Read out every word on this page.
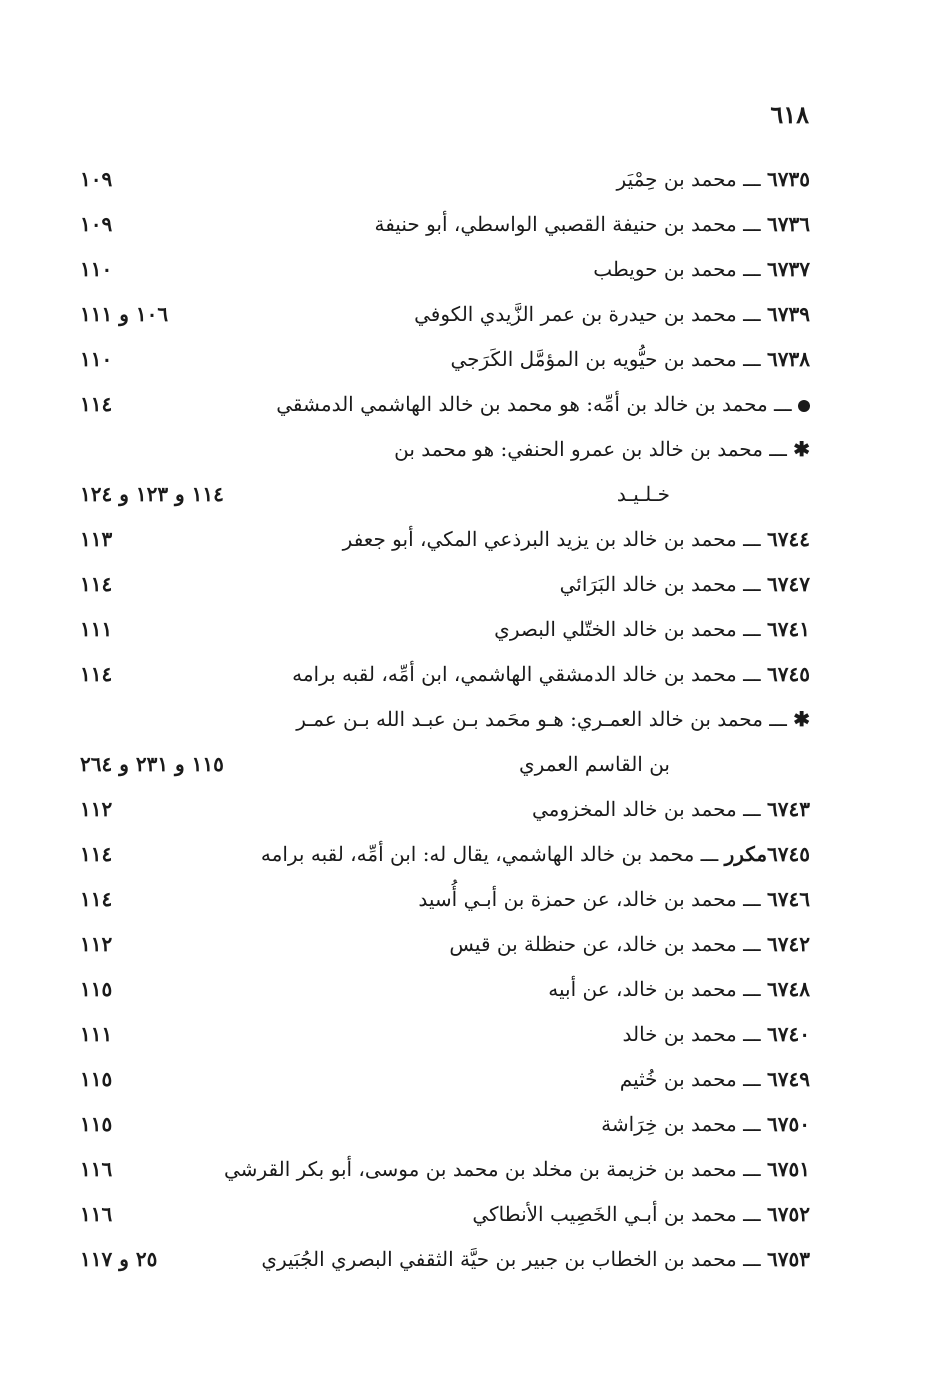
٦١٨
٦٧٣٥ ـــ محمد بن حِمْيَر
١٠٩
٦٧٣٦ ـــ محمد بن حنيفة القصبي الواسطي، أبو حنيفة
١٠٩
٦٧٣٧ ـــ محمد بن حويطب
١١٠
٦٧٣٩ ـــ محمد بن حيدرة بن عمر الزَّيدي الكوفي
١٠٦ و ١١١
٦٧٣٨ ـــ محمد بن حيُّويه بن المؤمَّل الكَرَجي
١١٠
ـــ محمد بن خالد بن أمِّه: هو محمد بن خالد الهاشمي الدمشقي
١١٤
✱ ـــ محمد بن خالد بن عمرو الحنفي: هو محمد بن
خـلـيـد
١١٤ و ١٢٣ و ١٢٤
٦٧٤٤ ـــ محمد بن خالد بن يزيد البرذعي المكي، أبو جعفر
١١٣
٦٧٤٧ ـــ محمد بن خالد البَرَائي
١١٤
٦٧٤١ ـــ محمد بن خالد الختّلي البصري
١١١
٦٧٤٥ ـــ محمد بن خالد الدمشقي الهاشمي، ابن أمِّه، لقبه برامه
١١٤
✱ ـــ محمد بن خالد العمـري: هـو محَمد بـن عبـد الله بـن عمـر
بن القاسم العمري
١١٥ و ٢٣١ و ٢٦٤
٦٧٤٣ ـــ محمد بن خالد المخزومي
١١٢
٦٧٤٥مكرر ـــ محمد بن خالد الهاشمي، يقال له: ابن أمِّه، لقبه برامه
١١٤
٦٧٤٦ ـــ محمد بن خالد، عن حمزة بن أبـي أُسيد
١١٤
٦٧٤٢ ـــ محمد بن خالد، عن حنظلة بن قيس
١١٢
٦٧٤٨ ـــ محمد بن خالد، عن أبيه
١١٥
٦٧٤٠ ـــ محمد بن خالد
١١١
٦٧٤٩ ـــ محمد بن خُثيم
١١٥
٦٧٥٠ ـــ محمد بن خِرَاشة
١١٥
٦٧٥١ ـــ محمد بن خزيمة بن مخلد بن محمد بن موسى، أبو بكر القرشي
١١٦
٦٧٥٢ ـــ محمد بن أبـي الخَصِيب الأنطاكي
١١٦
٦٧٥٣ ـــ محمد بن الخطاب بن جبير بن حيَّة الثقفي البصري الجُبَيري
٢٥ و ١١٧
